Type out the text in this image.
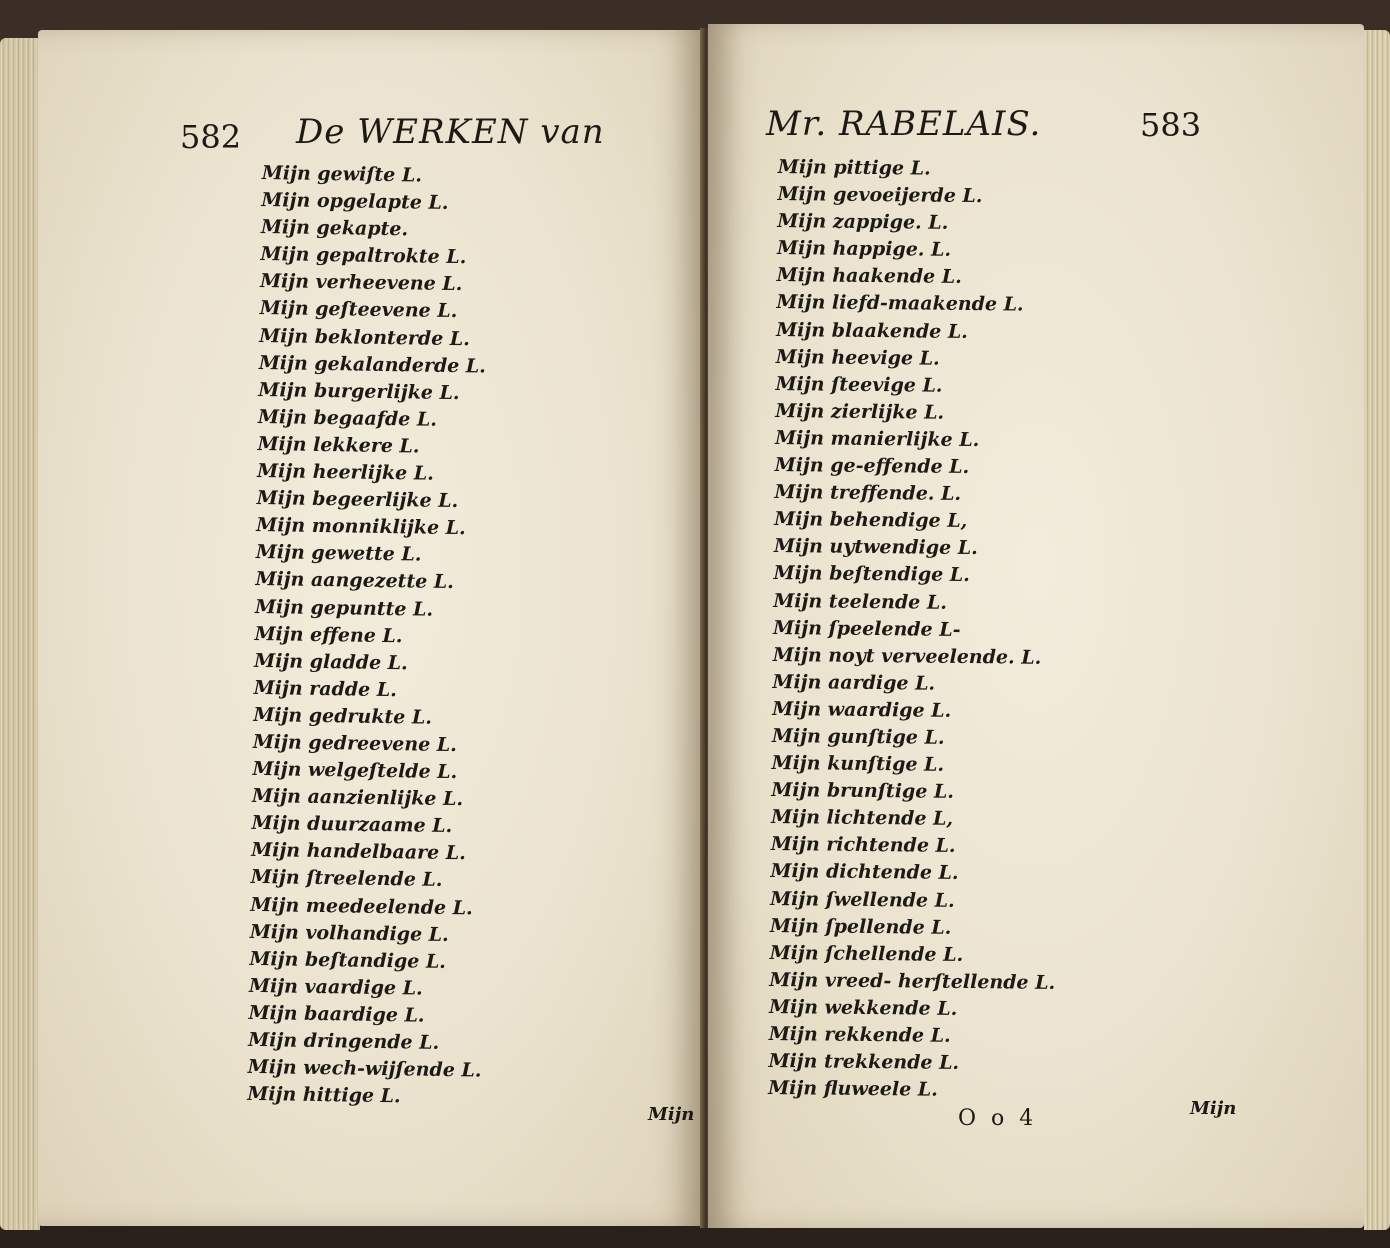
582 De WERKEN van
Mijn gewiſte L.
Mijn opgelapte L.
Mijn gekapte.
Mijn gepaltrokte L.
Mijn verheevene L.
Mijn geſteevene L.
Mijn beklonterde L.
Mijn gekalanderde L.
Mijn burgerlijke L.
Mijn begaafde L.
Mijn lekkere L.
Mijn heerlijke L.
Mijn begeerlijke L.
Mijn monniklijke L.
Mijn gewette L.
Mijn aangezette L.
Mijn gepuntte L.
Mijn effene L.
Mijn gladde L.
Mijn radde L.
Mijn gedrukte L.
Mijn gedreevene L.
Mijn welgeſtelde L.
Mijn aanzienlijke L.
Mijn duurzaame L.
Mijn handelbaare L.
Mijn ſtreelende L.
Mijn meedeelende L.
Mijn volhandige L.
Mijn beſtandige L.
Mijn vaardige L.
Mijn baardige L.
Mijn dringende L.
Mijn wech-wijſende L.
Mijn hittige L.
Mijn
Mr. RABELAIS.	583
Mijn pittige L.
Mijn gevoeijerde L.
Mijn zappige. L.
Mijn happige. L.
Mijn haakende L.
Mijn liefd-maakende L.
Mijn blaakende L.
Mijn heevige L.
Mijn ſteevige L.
Mijn zierlijke L.
Mijn manierlijke L.
Mijn ge-effende L.
Mijn treffende. L.
Mijn behendige L,
Mijn uytwendige L.
Mijn beſtendige L.
Mijn teelende L.
Mijn ſpeelende L-
Mijn noyt verveelende. L.
Mijn aardige L.
Mijn waardige L.
Mijn gunſtige L.
Mijn kunſtige L.
Mijn brunſtige L.
Mijn lichtende L,
Mijn richtende L.
Mijn dichtende L.
Mijn ſwellende L.
Mijn ſpellende L.
Mijn ſchellende L.
Mijn vreed- herſtellende L.
Mijn wekkende L.
Mijn rekkende L.
Mijn trekkende L.
Mijn fluweele L.
O o 4	Mijn
